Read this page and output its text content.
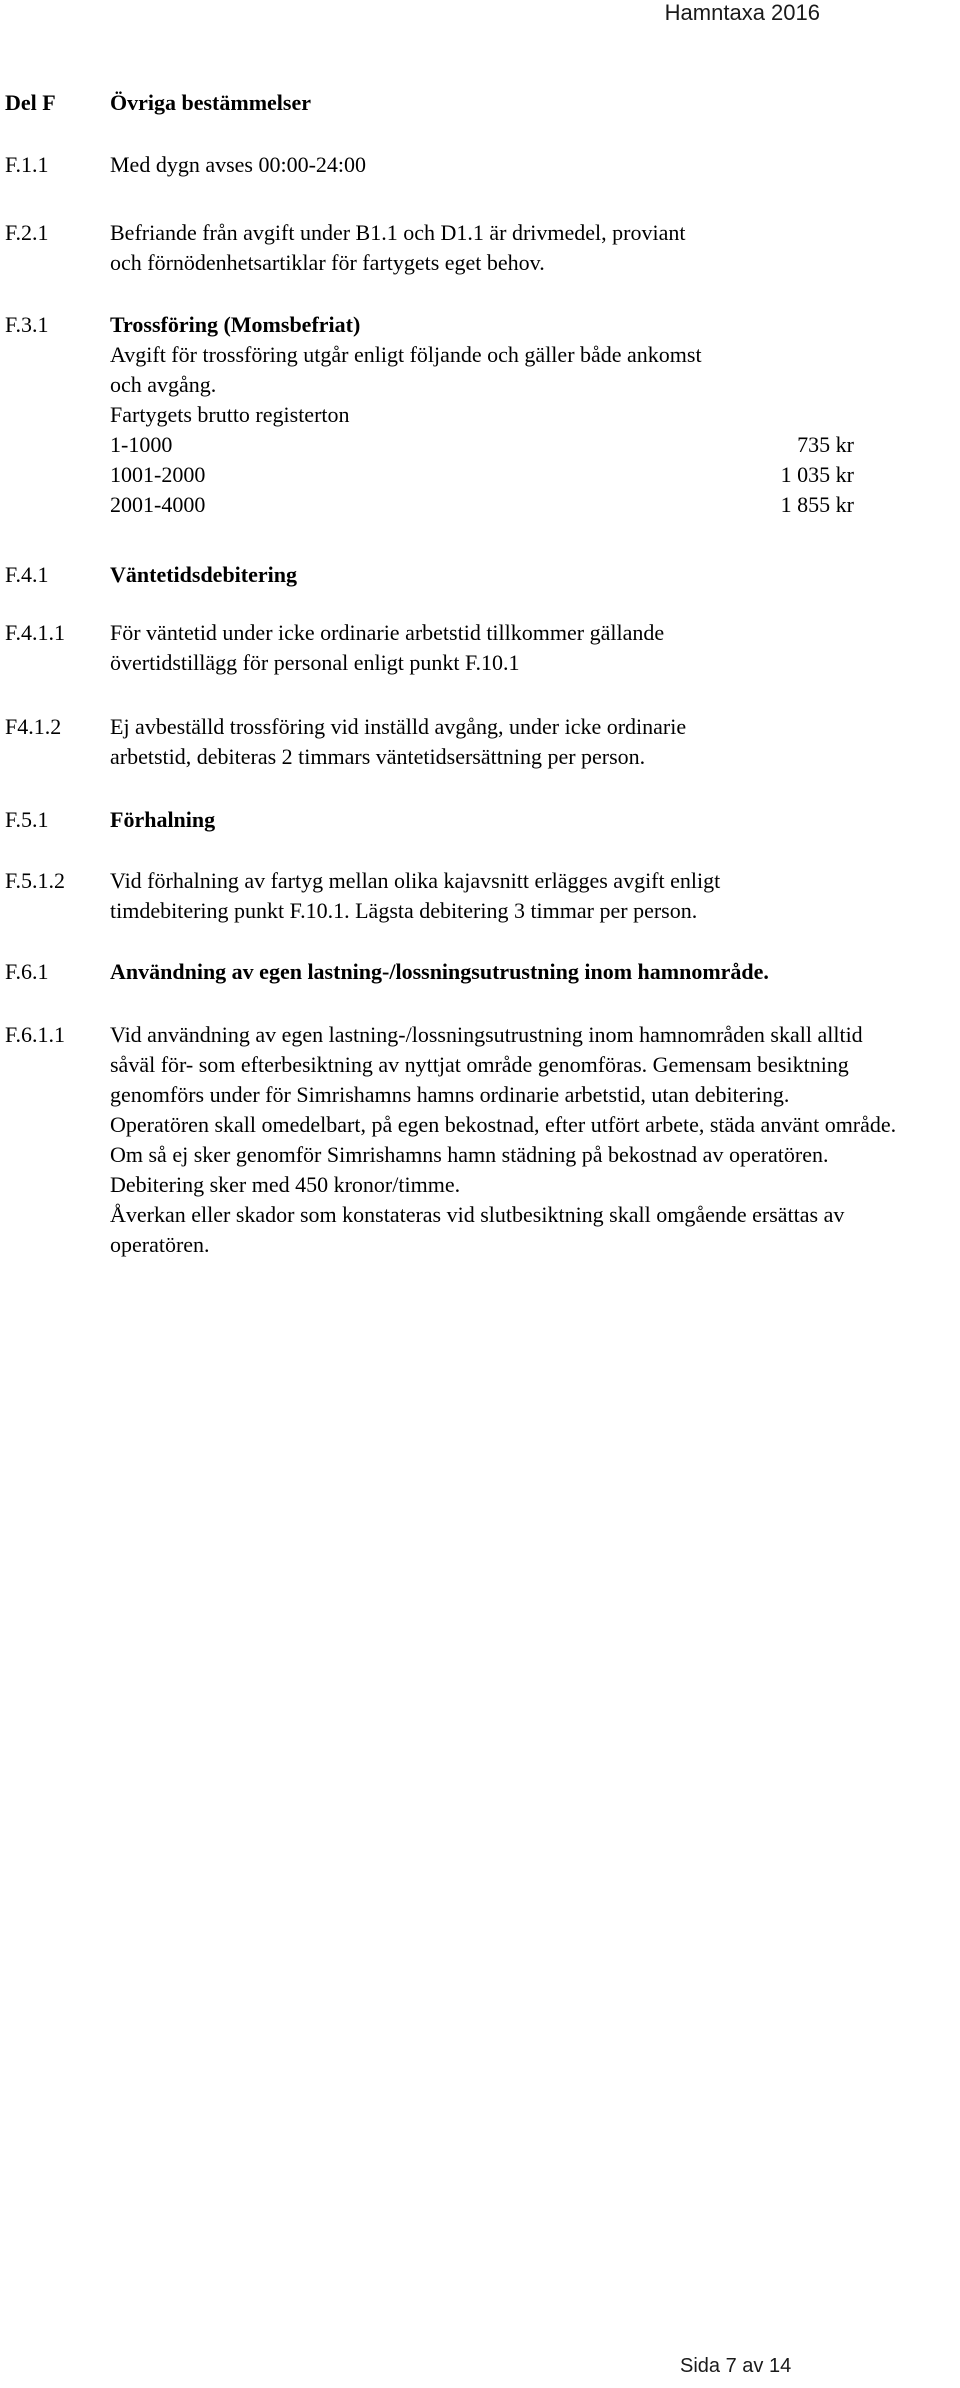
Hamntaxa 2016
Del F Övriga bestämmelser
F.1.1	Med dygn avses 00:00-24:00
F.2.1	Befriande från avgift under B1.1 och D1.1 är drivmedel, proviant
och förnödenhetsartiklar för fartygets eget behov.
F.3.1	Trossföring (Momsbefriat)
Avgift för trossföring utgår enligt följande och gäller både ankomst
och avgång.
Fartygets brutto registerton
1-1000	735 kr
1001-2000	1 035 kr
2001-4000	1 855 kr
F.4.1	Väntetidsdebitering
F.4.1.1 För väntetid under icke ordinarie arbetstid tillkommer gällande
övertidstillägg för personal enligt punkt F.10.1
F4.1.2 Ej avbeställd trossföring vid inställd avgång, under icke ordinarie
arbetstid, debiteras 2 timmars väntetidsersättning per person.
F.5.1	Förhalning
F.5.1.2 Vid förhalning av fartyg mellan olika kajavsnitt erlägges avgift enligt
timdebitering punkt F.10.1. Lägsta debitering 3 timmar per person.
F.6.1	Användning av egen lastning-/lossningsutrustning inom hamnområde.
F.6.1.1 Vid användning av egen lastning-/lossningsutrustning inom hamnområden skall alltid
såväl för- som efterbesiktning av nyttjat område genomföras. Gemensam besiktning
genomförs under för Simrishamns hamns ordinarie arbetstid, utan debitering.
Operatören skall omedelbart, på egen bekostnad, efter utfört arbete, städa använt område.
Om så ej sker genomför Simrishamns hamn städning på bekostnad av operatören.
Debitering sker med 450 kronor/timme.
Åverkan eller skador som konstateras vid slutbesiktning skall omgående ersättas av
operatören.
Sida 7 av 14
